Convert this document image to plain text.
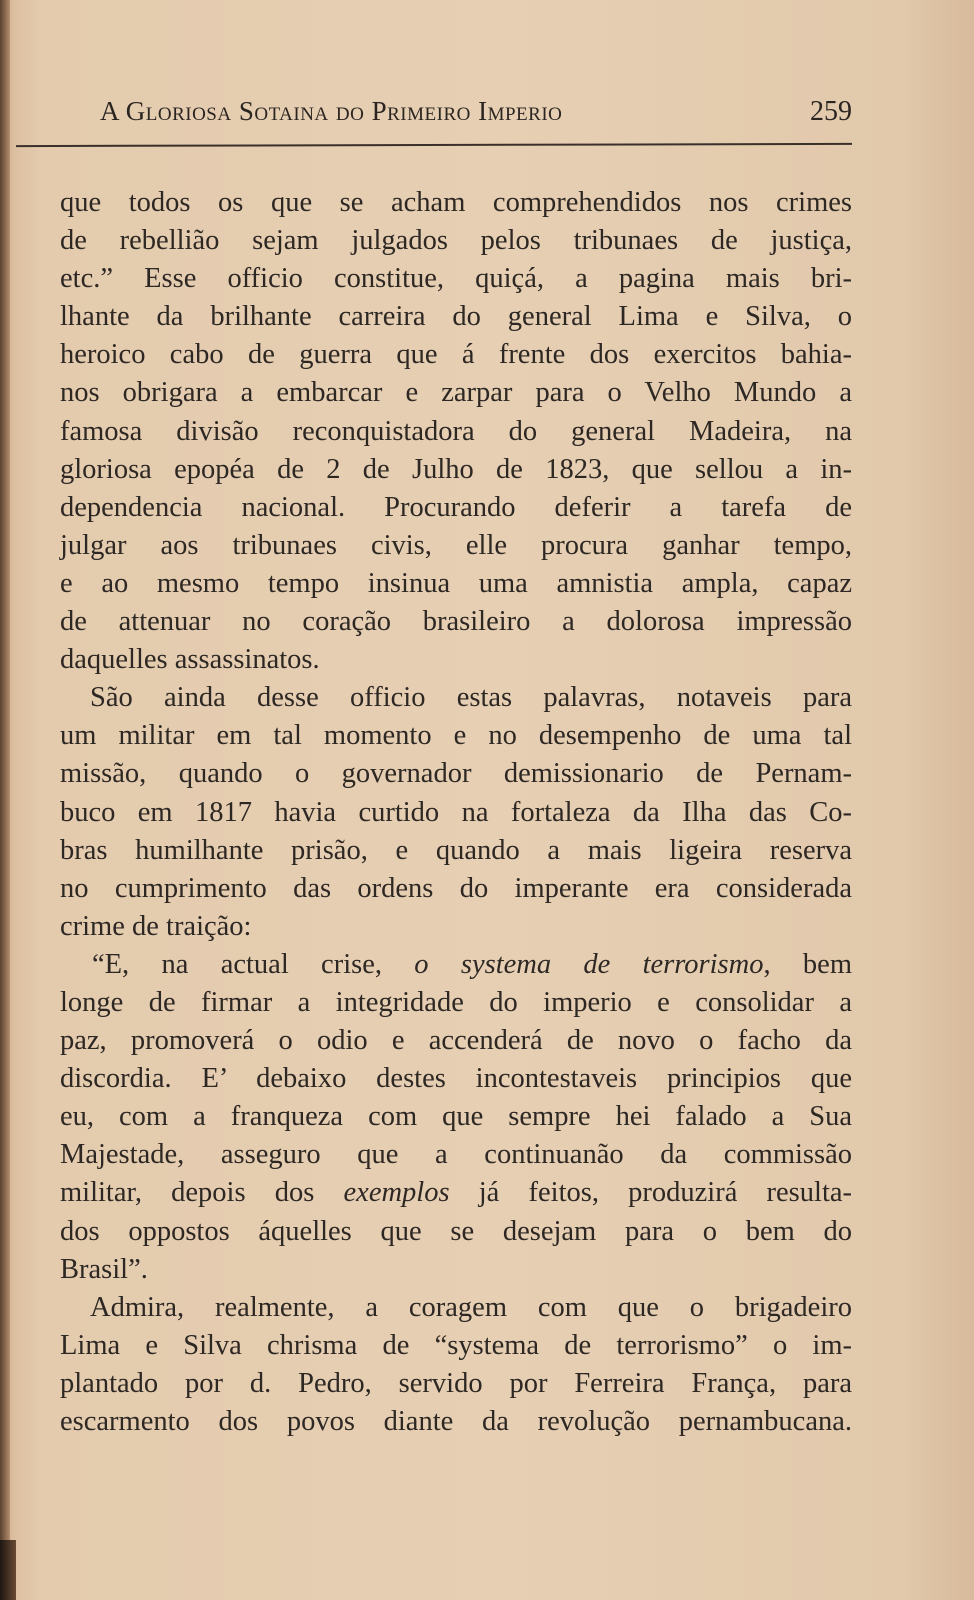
A Gloriosa Sotaina do Primeiro Imperio	259
que todos os que se acham comprehendidos nos crimes
de rebellião sejam julgados pelos tribunaes de justiça,
etc.” Esse officio constitue, quiçá, a pagina mais bri-
lhante da brilhante carreira do general Lima e Silva, o
heroico cabo de guerra que á frente dos exercitos bahia-
nos obrigara a embarcar e zarpar para o Velho Mundo a
famosa divisão reconquistadora do general Madeira, na
gloriosa epopéa de 2 de Julho de 1823, que sellou a in-
dependencia nacional. Procurando deferir a tarefa de
julgar aos tribunaes civis, elle procura ganhar tempo,
e ao mesmo tempo insinua uma amnistia ampla, capaz
de attenuar no coração brasileiro a dolorosa impressão
daquelles assassinatos.
São ainda desse officio estas palavras, notaveis para
um militar em tal momento e no desempenho de uma tal
missão, quando o governador demissionario de Pernam-
buco em 1817 havia curtido na fortaleza da Ilha das Co-
bras humilhante prisão, e quando a mais ligeira reserva
no cumprimento das ordens do imperante era considerada
crime de traição:
“E, na actual crise, o systema de terrorismo, bem
longe de firmar a integridade do imperio e consolidar a
paz, promoverá o odio e accenderá de novo o facho da
discordia. E’ debaixo destes incontestaveis principios que
eu, com a franqueza com que sempre hei falado a Sua
Majestade, asseguro que a continuanão da commissão
militar, depois dos exemplos já feitos, produzirá resulta-
dos oppostos áquelles que se desejam para o bem do
Brasil”.
Admira, realmente, a coragem com que o brigadeiro
Lima e Silva chrisma de “systema de terrorismo” o im-
plantado por d. Pedro, servido por Ferreira França, para
escarmento dos povos diante da revolução pernambucana.
